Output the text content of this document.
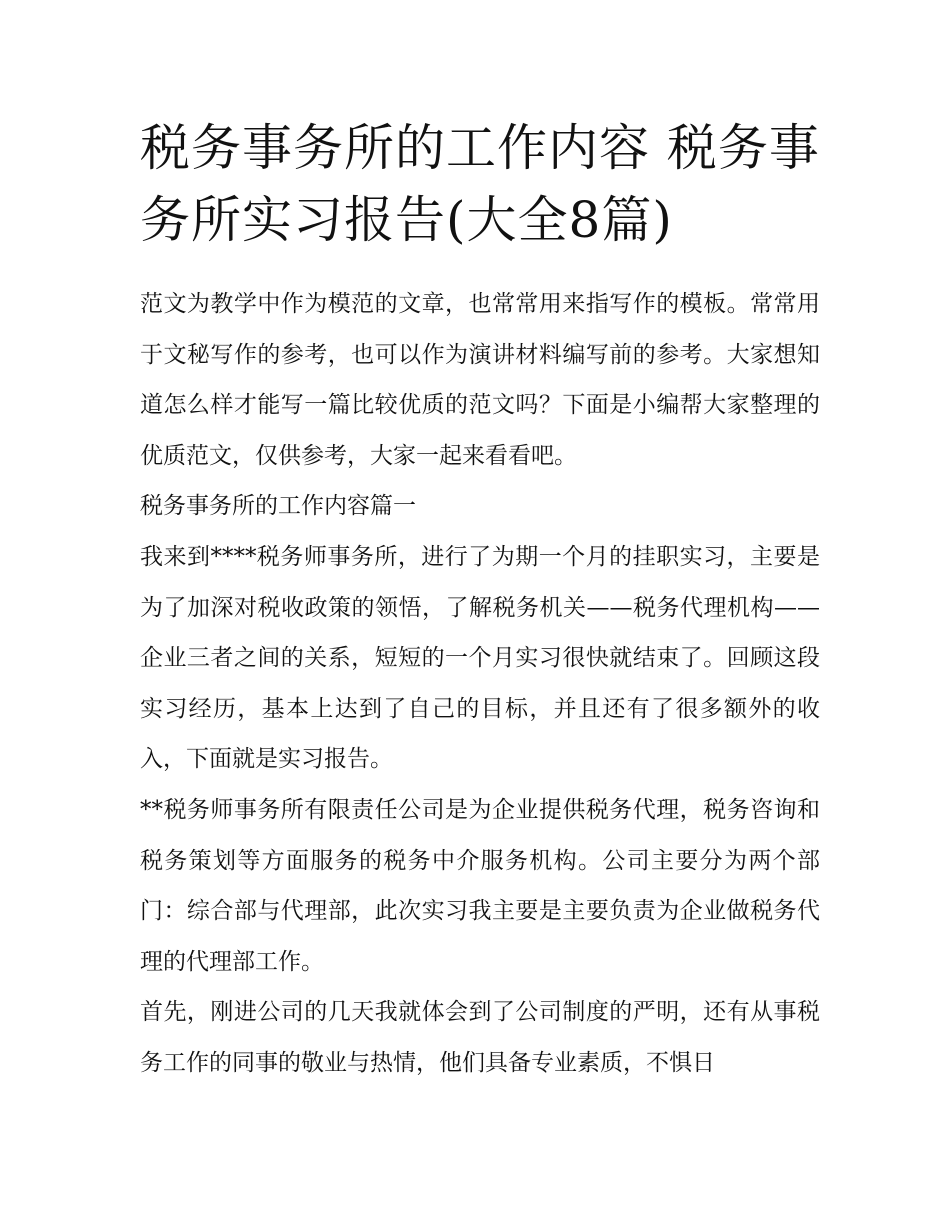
税务事务所的工作内容 税务事务所实习报告(大全8篇)

范文为教学中作为模范的文章，也常常用来指写作的模板。常常用于文秘写作的参考，也可以作为演讲材料编写前的参考。大家想知道怎么样才能写一篇比较优质的范文吗？下面是小编帮大家整理的优质范文，仅供参考，大家一起来看看吧。

税务事务所的工作内容篇一

我来到****税务师事务所，进行了为期一个月的挂职实习，主要是为了加深对税收政策的领悟，了解税务机关——税务代理机构——企业三者之间的关系，短短的一个月实习很快就结束了。回顾这段实习经历，基本上达到了自己的目标，并且还有了很多额外的收入，下面就是实习报告。

**税务师事务所有限责任公司是为企业提供税务代理，税务咨询和税务策划等方面服务的税务中介服务机构。公司主要分为两个部门：综合部与代理部，此次实习我主要是主要负责为企业做税务代理的代理部工作。

首先，刚进公司的几天我就体会到了公司制度的严明，还有从事税务工作的同事的敬业与热情，他们具备专业素质，不惧日
